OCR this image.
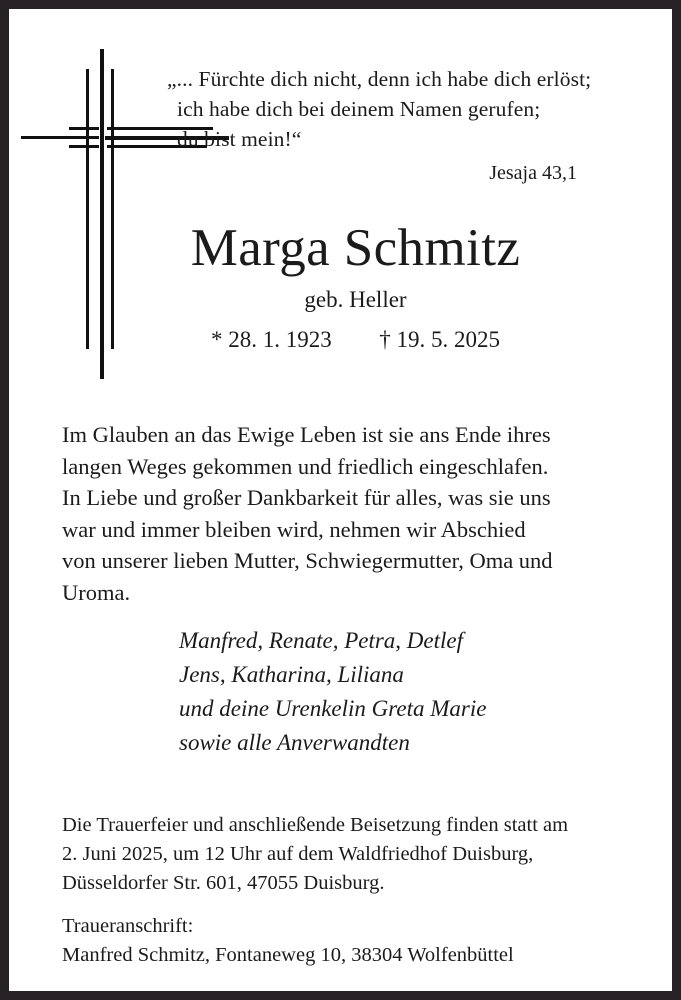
„... Fürchte dich nicht, denn ich habe dich erlöst;
ich habe dich bei deinem Namen gerufen;
du bist mein!“
Jesaja 43,1
Marga Schmitz
geb. Heller
* 28. 1. 1923 † 19. 5. 2025
Im Glauben an das Ewige Leben ist sie ans Ende ihres
langen Weges gekommen und friedlich eingeschlafen.
In Liebe und großer Dankbarkeit für alles, was sie uns
war und immer bleiben wird, nehmen wir Abschied
von unserer lieben Mutter, Schwiegermutter, Oma und
Uroma.
Manfred, Renate, Petra, Detlef
Jens, Katharina, Liliana
und deine Urenkelin Greta Marie
sowie alle Anverwandten
Die Trauerfeier und anschließende Beisetzung finden statt am
2. Juni 2025, um 12 Uhr auf dem Waldfriedhof Duisburg,
Düsseldorfer Str. 601, 47055 Duisburg.
Traueranschrift:
Manfred Schmitz, Fontaneweg 10, 38304 Wolfenbüttel
